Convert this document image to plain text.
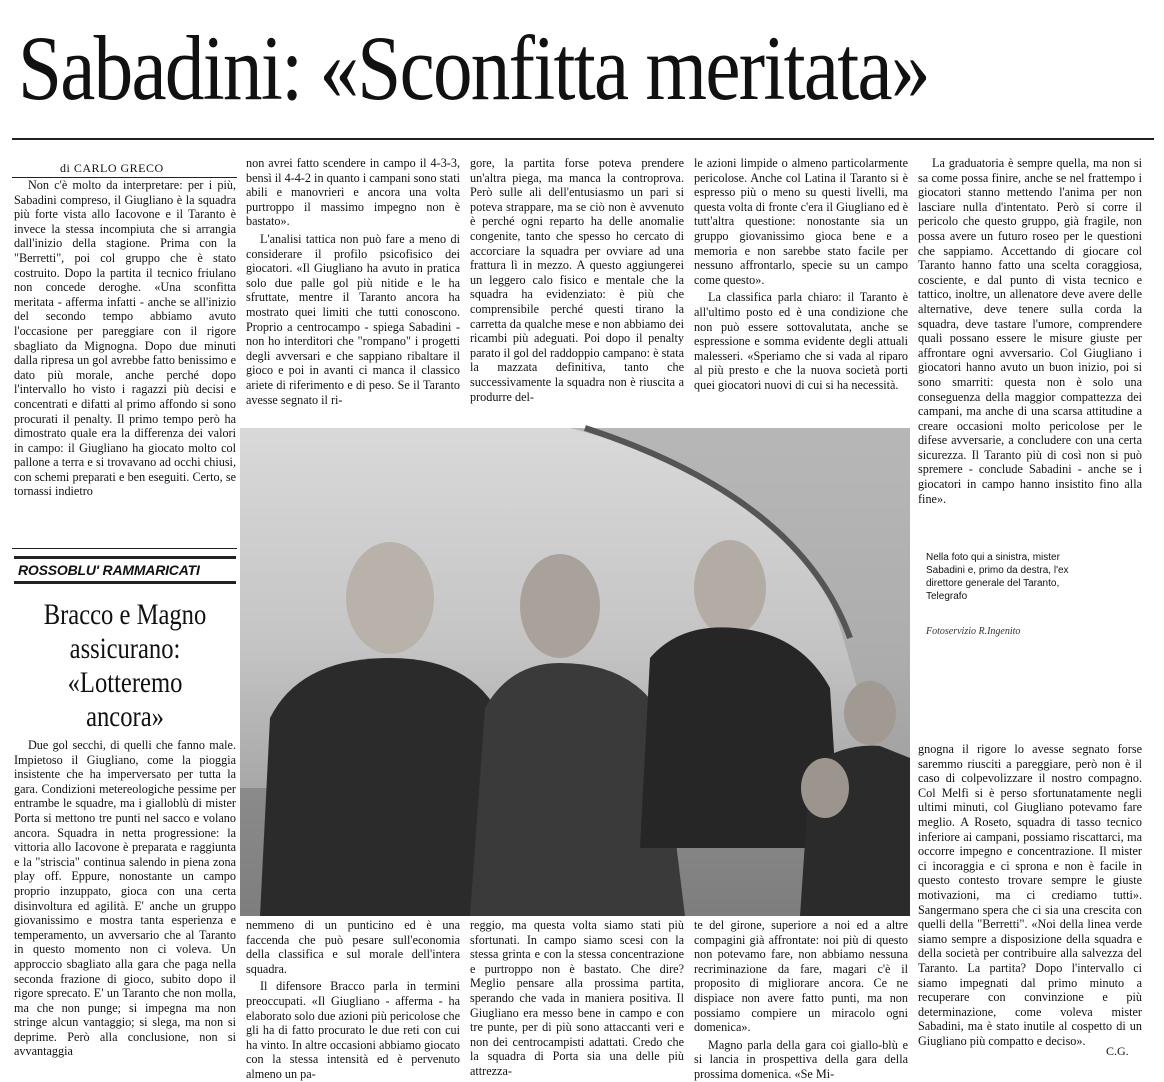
Sabadini: «Sconfitta meritata»
di CARLO GRECO

Non c'è molto da interpretare: per i più, Sabadini compreso, il Giugliano è la squadra più forte vista allo Iacovone e il Taranto è invece la stessa incompiuta che si arrangia dall'inizio della stagione. Prima con la "Berretti", poi col gruppo che è stato costruito. Dopo la partita il tecnico friulano non concede deroghe. «Una sconfitta meritata - afferma infatti - anche se all'inizio del secondo tempo abbiamo avuto l'occasione per pareggiare con il rigore sbagliato da Mignogna. Dopo due minuti dalla ripresa un gol avrebbe fatto benissimo e dato più morale, anche perché dopo l'intervallo ho visto i ragazzi più decisi e concentrati e difatti al primo affondo si sono procurati il penalty. Il primo tempo però ha dimostrato quale era la differenza dei valori in campo: il Giugliano ha giocato molto col pallone a terra e si trovavano ad occhi chiusi, con schemi preparati e ben eseguiti. Certo, se tornassi indietro

non avrei fatto scendere in campo il 4-3-3, bensì il 4-4-2 in quanto i campani sono stati abili e manovrieri e ancora una volta purtroppo il massimo impegno non è bastato».

L'analisi tattica non può fare a meno di considerare il profilo psicofisico dei giocatori. «Il Giugliano ha avuto in pratica solo due palle gol più nitide e le ha sfruttate, mentre il Taranto ancora ha mostrato quei limiti che tutti conoscono. Proprio a centrocampo - spiega Sabadini - non ho interditori che "rompano" i progetti degli avversari e che sappiano ribaltare il gioco e poi in avanti ci manca il classico ariete di riferimento e di peso. Se il Taranto avesse segnato il ri-

gore, la partita forse poteva prendere un'altra piega, ma manca la controprova. Però sulle ali dell'entusiasmo un pari si poteva strappare, ma se ciò non è avvenuto è perché ogni reparto ha delle anomalie congenite, tanto che spesso ho cercato di accorciare la squadra per ovviare ad una frattura lì in mezzo. A questo aggiungerei un leggero calo fisico e mentale che la squadra ha evidenziato: è più che comprensibile perché questi tirano la carretta da qualche mese e non abbiamo dei ricambi più adeguati. Poi dopo il penalty parato il gol del raddoppio campano: è stata la mazzata definitiva, tanto che successivamente la squadra non è riuscita a produrre del-

le azioni limpide o almeno particolarmente pericolose. Anche col Latina il Taranto si è espresso più o meno su questi livelli, ma questa volta di fronte c'era il Giugliano ed è tutt'altra questione: nonostante sia un gruppo giovanissimo gioca bene e a memoria e non sarebbe stato facile per nessuno affrontarlo, specie su un campo come questo».

La classifica parla chiaro: il Taranto è all'ultimo posto ed è una condizione che non può essere sottovalutata, anche se espressione e somma evidente degli attuali malesseri. «Speriamo che si vada al riparo al più presto e che la nuova società porti quei giocatori nuovi di cui si ha necessità.

La graduatoria è sempre quella, ma non si sa come possa finire, anche se nel frattempo i giocatori stanno mettendo l'anima per non lasciare nulla d'intentato. Però si corre il pericolo che questo gruppo, già fragile, non possa avere un futuro roseo per le questioni che sappiamo. Accettando di giocare col Taranto hanno fatto una scelta coraggiosa, cosciente, e dal punto di vista tecnico e tattico, inoltre, un allenatore deve avere delle alternative, deve tenere sulla corda la squadra, deve tastare l'umore, comprendere quali possano essere le misure giuste per affrontare ogni avversario. Col Giugliano i giocatori hanno avuto un buon inizio, poi si sono smarriti: questa non è solo una conseguenza della maggior compattezza dei campani, ma anche di una scarsa attitudine a creare occasioni molto pericolose per le difese avversarie, a concludere con una certa sicurezza. Il Taranto più di così non si può spremere - conclude Sabadini - anche se i giocatori in campo hanno insistito fino alla fine».

Nella foto qui a sinistra, mister Sabadini e, primo da destra, l'ex direttore generale del Taranto, Telegrafo
Fotoservizio R.Ingenito
ROSSOBLU' RAMMARICATI
Bracco e Magno
assicurano:
«Lotteremo ancora»

Due gol secchi, di quelli che fanno male. Impietoso il Giugliano, come la pioggia insistente che ha imperversato per tutta la gara. Condizioni metereologiche pessime per entrambe le squadre, ma i gialloblù di mister Porta si mettono tre punti nel sacco e volano ancora. Squadra in netta progressione: la vittoria allo Iacovone è preparata e raggiunta e la "striscia" continua salendo in piena zona play off. Eppure, nonostante un campo proprio inzuppato, gioca con una certa disinvoltura ed agilità. E' anche un gruppo giovanissimo e mostra tanta esperienza e temperamento, un avversario che al Taranto in questo momento non ci voleva. Un approccio sbagliato alla gara che paga nella seconda frazione di gioco, subito dopo il rigore sprecato. E' un Taranto che non molla, ma che non punge; si impegna ma non stringe alcun vantaggio; si slega, ma non si deprime. Però alla conclusione, non si avvantaggia

nemmeno di un punticino ed è una faccenda che può pesare sull'economia della classifica e sul morale dell'intera squadra.

Il difensore Bracco parla in termini preoccupati. «Il Giugliano - afferma - ha elaborato solo due azioni più pericolose che gli ha di fatto procurato le due reti con cui ha vinto. In altre occasioni abbiamo giocato con la stessa intensità ed è pervenuto almeno un pa-

reggio, ma questa volta siamo stati più sfortunati. In campo siamo scesi con la stessa grinta e con la stessa concentrazione e purtroppo non è bastato. Che dire? Meglio pensare alla prossima partita, sperando che vada in maniera positiva. Il Giugliano era messo bene in campo e con tre punte, per di più sono attaccanti veri e non dei centrocampisti adattati. Credo che la squadra di Porta sia una delle più attrezza-

te del girone, superiore a noi ed a altre compagini già affrontate: noi più di questo non potevamo fare, non abbiamo nessuna recriminazione da fare, magari c'è il proposito di migliorare ancora. Ce ne dispiace non avere fatto punti, ma non possiamo compiere un miracolo ogni domenica».

Magno parla della gara coi giallo-blù e si lancia in prospettiva della gara della prossima domenica. «Se Mi-

gnogna il rigore lo avesse segnato forse saremmo riusciti a pareggiare, però non è il caso di colpevolizzare il nostro compagno. Col Melfi si è perso sfortunatamente negli ultimi minuti, col Giugliano potevamo fare meglio. A Roseto, squadra di tasso tecnico inferiore ai campani, possiamo riscattarci, ma occorre impegno e concentrazione. Il mister ci incoraggia e ci sprona e non è facile in questo contesto trovare sempre le giuste motivazioni, ma ci crediamo tutti». Sangermano spera che ci sia una crescita con quelli della "Berretti". «Noi della linea verde siamo sempre a disposizione della squadra e della società per contribuire alla salvezza del Taranto. La partita? Dopo l'intervallo ci siamo impegnati dal primo minuto a recuperare con convinzione e più determinazione, come voleva mister Sabadini, ma è stato inutile al cospetto di un Giugliano più compatto e deciso».

C.G.
